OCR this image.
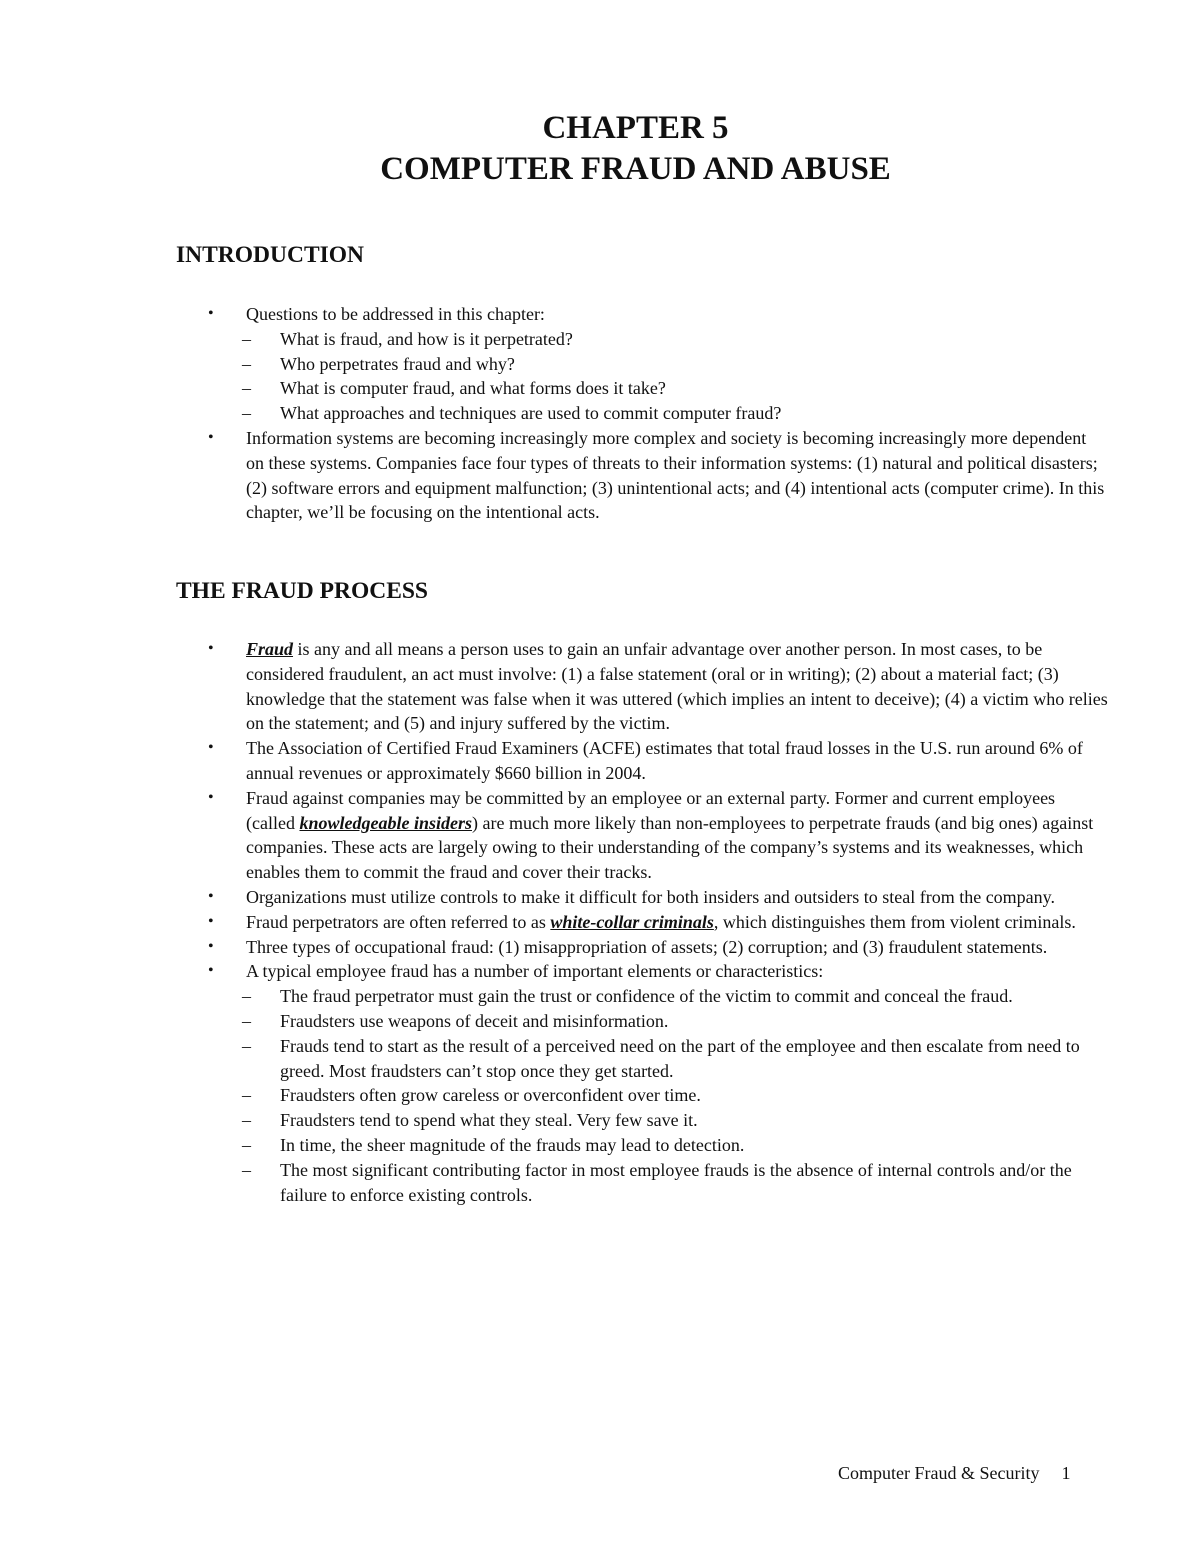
CHAPTER 5

COMPUTER FRAUD AND ABUSE

INTRODUCTION
•	Questions to be addressed in this chapter:
– What is fraud, and how is it perpetrated?
– Who perpetrates fraud and why?
– What is computer fraud, and what forms does it take?
– What approaches and techniques are used to commit computer fraud?
•	Information systems are becoming increasingly more complex and society is becoming increasingly more dependent on these systems. Companies face four types of threats to their information systems: (1) natural and political disasters; (2) software errors and equipment malfunction; (3) unintentional acts; and (4) intentional acts (computer crime). In this chapter, we’ll be focusing on the intentional acts.
THE FRAUD PROCESS
•	Fraud is any and all means a person uses to gain an unfair advantage over another person. In most cases, to be considered fraudulent, an act must involve: (1) a false statement (oral or in writing); (2) about a material fact; (3) knowledge that the statement was false when it was uttered (which implies an intent to deceive); (4) a victim who relies on the statement; and (5) and injury suffered by the victim.
•	The Association of Certified Fraud Examiners (ACFE) estimates that total fraud losses in the U.S. run around 6% of annual revenues or approximately $660 billion in 2004.
•	Fraud against companies may be committed by an employee or an external party. Former and current employees (called knowledgeable insiders) are much more likely than non-employees to perpetrate frauds (and big ones) against companies. These acts are largely owing to their understanding of the company’s systems and its weaknesses, which enables them to commit the fraud and cover their tracks.
•	Organizations must utilize controls to make it difficult for both insiders and outsiders to steal from the company.
•	Fraud perpetrators are often referred to as white-collar criminals, which distinguishes them from violent criminals.
•	Three types of occupational fraud: (1) misappropriation of assets; (2) corruption; and (3) fraudulent statements.
•	A typical employee fraud has a number of important elements or characteristics:
– The fraud perpetrator must gain the trust or confidence of the victim to commit and conceal the fraud.
– Fraudsters use weapons of deceit and misinformation.
– Frauds tend to start as the result of a perceived need on the part of the employee and then escalate from need to greed. Most fraudsters can’t stop once they get started.
– Fraudsters often grow careless or overconfident over time.
– Fraudsters tend to spend what they steal. Very few save it.
– In time, the sheer magnitude of the frauds may lead to detection.
– The most significant contributing factor in most employee frauds is the absence of internal controls and/or the failure to enforce existing controls.
Computer Fraud & Security 1
